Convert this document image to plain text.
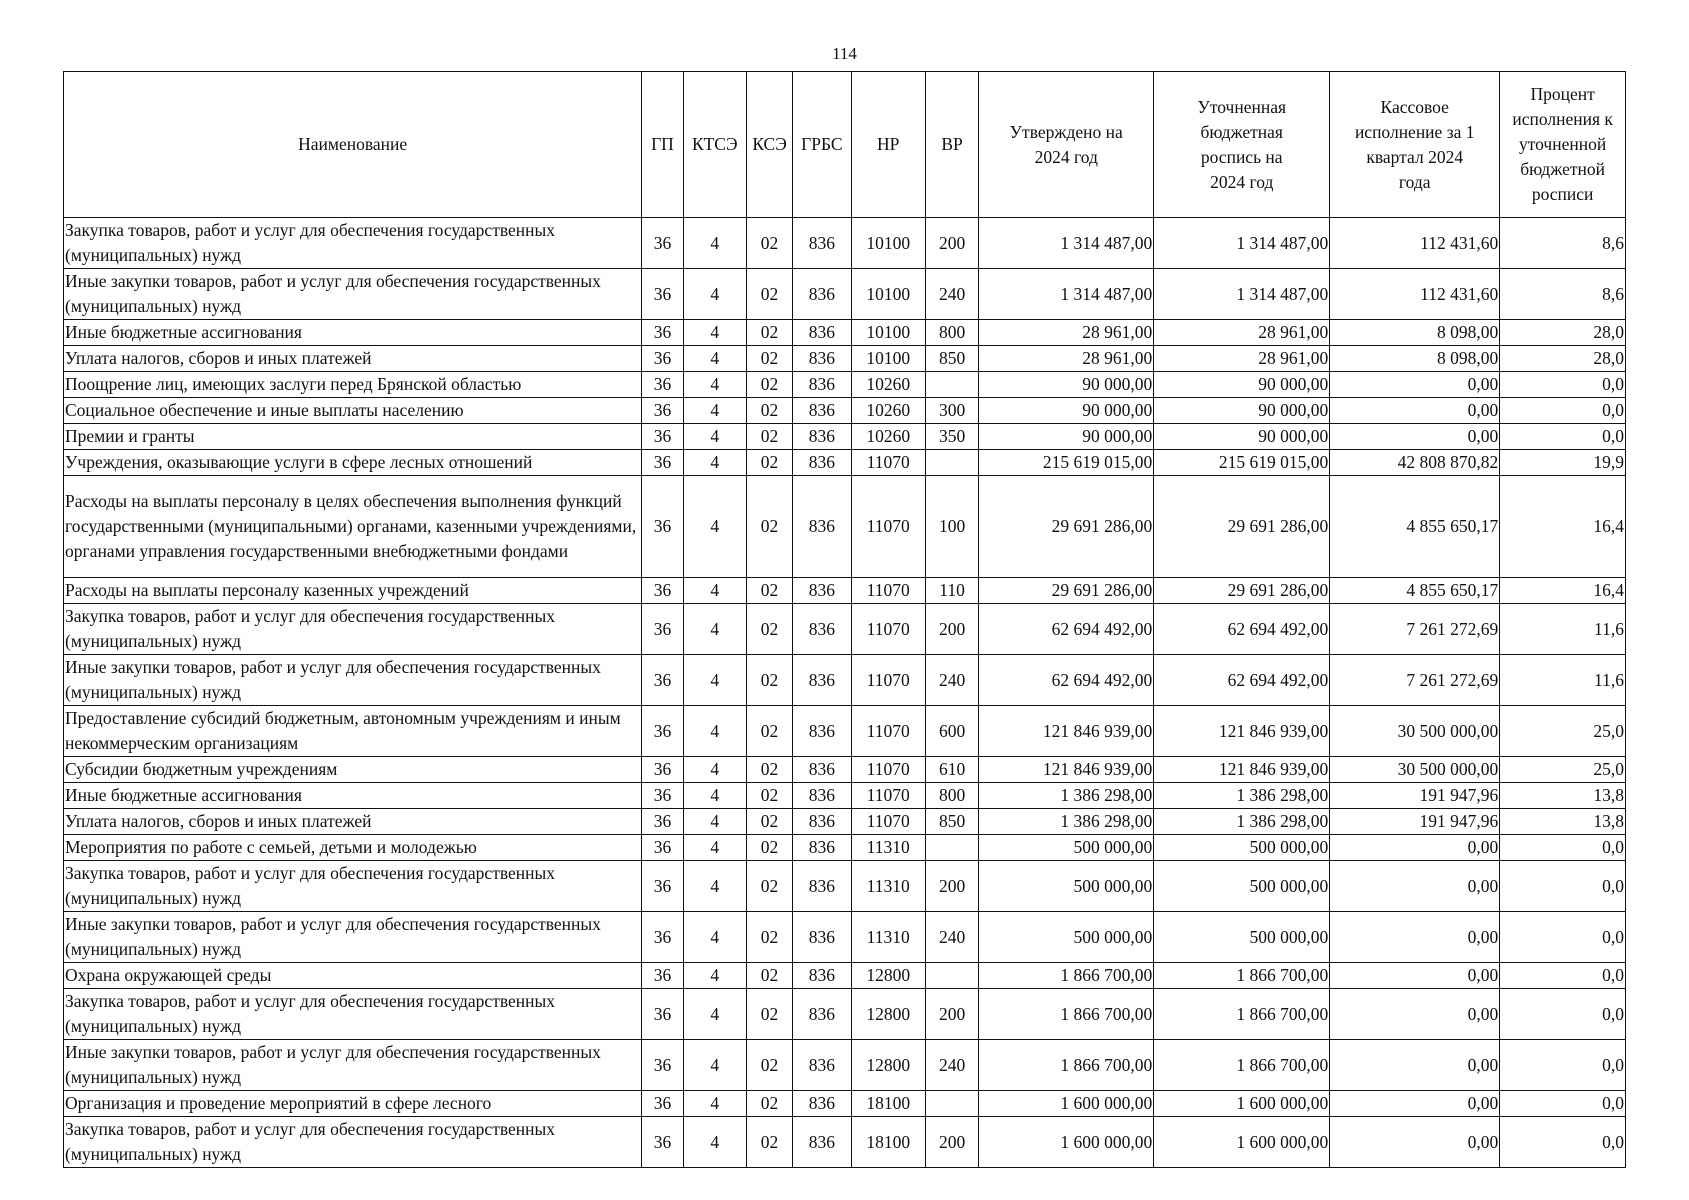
114
Наименование	ГП	КТСЭ	КСЭ	ГРБС	НР	ВР	Утверждено на 2024 год	Уточненная бюджетная роспись на 2024 год	Кассовое исполнение за 1 квартал 2024 года	Процент исполнения к уточненной бюджетной росписи
Закупка товаров, работ и услуг для обеспечения государственных (муниципальных) нужд	36	4	02	836	10100	200	1 314 487,00	1 314 487,00	112 431,60	8,6
Иные закупки товаров, работ и услуг для обеспечения государственных (муниципальных) нужд	36	4	02	836	10100	240	1 314 487,00	1 314 487,00	112 431,60	8,6
Иные бюджетные ассигнования	36	4	02	836	10100	800	28 961,00	28 961,00	8 098,00	28,0
Уплата налогов, сборов и иных платежей	36	4	02	836	10100	850	28 961,00	28 961,00	8 098,00	28,0
Поощрение лиц, имеющих заслуги перед Брянской областью	36	4	02	836	10260		90 000,00	90 000,00	0,00	0,0
Социальное обеспечение и иные выплаты населению	36	4	02	836	10260	300	90 000,00	90 000,00	0,00	0,0
Премии и гранты	36	4	02	836	10260	350	90 000,00	90 000,00	0,00	0,0
Учреждения, оказывающие услуги в сфере лесных отношений	36	4	02	836	11070		215 619 015,00	215 619 015,00	42 808 870,82	19,9
Расходы на выплаты персоналу в целях обеспечения выполнения функций государственными (муниципальными) органами, казенными учреждениями, органами управления государственными внебюджетными фондами	36	4	02	836	11070	100	29 691 286,00	29 691 286,00	4 855 650,17	16,4
Расходы на выплаты персоналу казенных учреждений	36	4	02	836	11070	110	29 691 286,00	29 691 286,00	4 855 650,17	16,4
Закупка товаров, работ и услуг для обеспечения государственных (муниципальных) нужд	36	4	02	836	11070	200	62 694 492,00	62 694 492,00	7 261 272,69	11,6
Иные закупки товаров, работ и услуг для обеспечения государственных (муниципальных) нужд	36	4	02	836	11070	240	62 694 492,00	62 694 492,00	7 261 272,69	11,6
Предоставление субсидий бюджетным, автономным учреждениям и иным некоммерческим организациям	36	4	02	836	11070	600	121 846 939,00	121 846 939,00	30 500 000,00	25,0
Субсидии бюджетным учреждениям	36	4	02	836	11070	610	121 846 939,00	121 846 939,00	30 500 000,00	25,0
Иные бюджетные ассигнования	36	4	02	836	11070	800	1 386 298,00	1 386 298,00	191 947,96	13,8
Уплата налогов, сборов и иных платежей	36	4	02	836	11070	850	1 386 298,00	1 386 298,00	191 947,96	13,8
Мероприятия по работе с семьей, детьми и молодежью	36	4	02	836	11310		500 000,00	500 000,00	0,00	0,0
Закупка товаров, работ и услуг для обеспечения государственных (муниципальных) нужд	36	4	02	836	11310	200	500 000,00	500 000,00	0,00	0,0
Иные закупки товаров, работ и услуг для обеспечения государственных (муниципальных) нужд	36	4	02	836	11310	240	500 000,00	500 000,00	0,00	0,0
Охрана окружающей среды	36	4	02	836	12800		1 866 700,00	1 866 700,00	0,00	0,0
Закупка товаров, работ и услуг для обеспечения государственных (муниципальных) нужд	36	4	02	836	12800	200	1 866 700,00	1 866 700,00	0,00	0,0
Иные закупки товаров, работ и услуг для обеспечения государственных (муниципальных) нужд	36	4	02	836	12800	240	1 866 700,00	1 866 700,00	0,00	0,0
Организация и проведение мероприятий в сфере лесного	36	4	02	836	18100		1 600 000,00	1 600 000,00	0,00	0,0
Закупка товаров, работ и услуг для обеспечения государственных (муниципальных) нужд	36	4	02	836	18100	200	1 600 000,00	1 600 000,00	0,00	0,0
